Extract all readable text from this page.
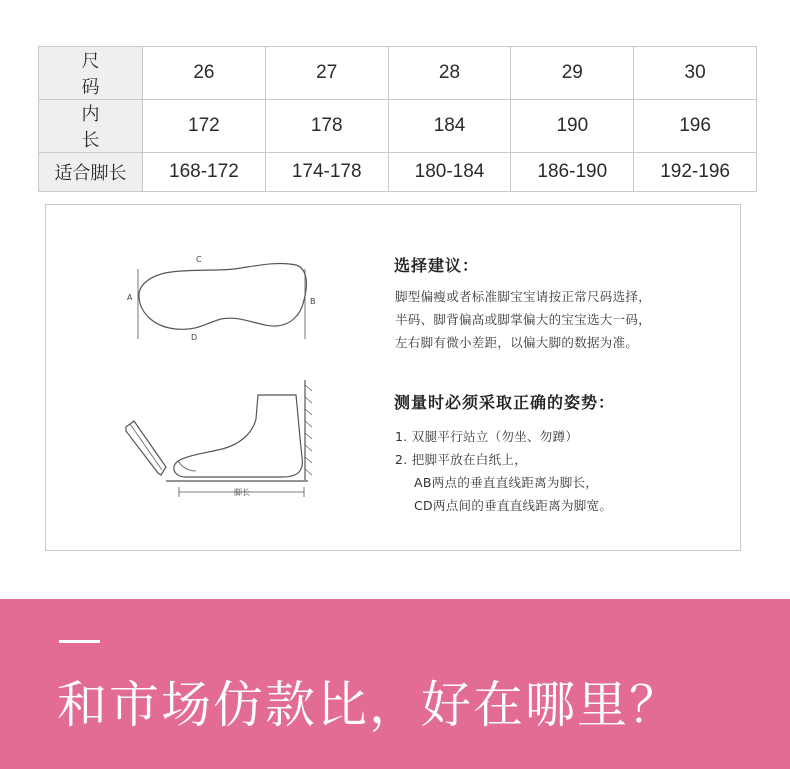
尺码	26	27	28	29	30
内长	172	178	184	190	196
适合脚长	168-172	174-178	180-184	186-190	192-196
A	B
C
D
脚长
选择建议：
脚型偏瘦或者标准脚宝宝请按正常尺码选择，
半码、脚背偏高或脚掌偏大的宝宝选大一码，
左右脚有微小差距，以偏大脚的数据为准。
测量时必须采取正确的姿势：
1. 双腿平行站立（勿坐、勿蹲）
2. 把脚平放在白纸上，
AB两点的垂直直线距离为脚长，
CD两点间的垂直直线距离为脚宽。
和市场仿款比，好在哪里？
